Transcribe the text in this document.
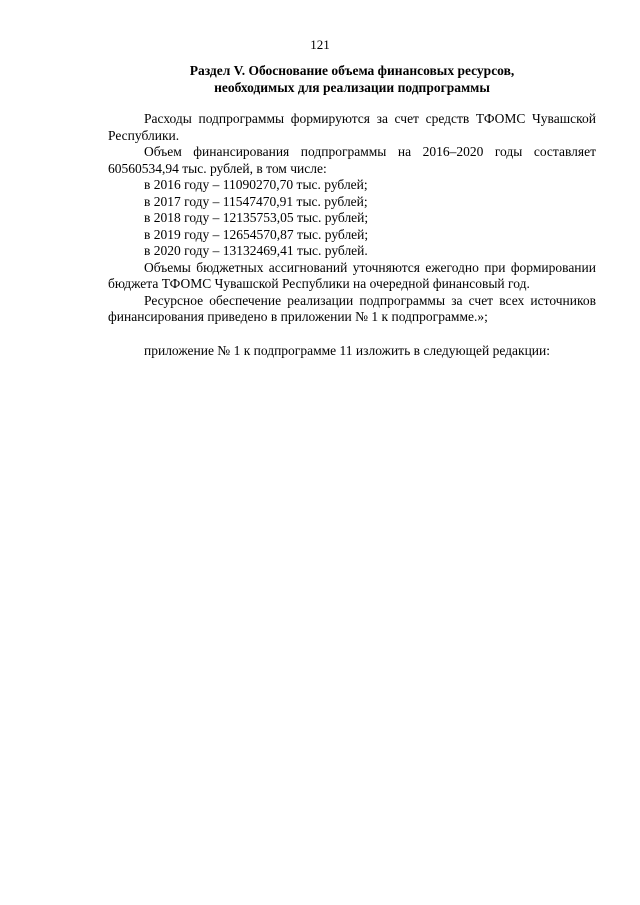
121
Раздел V. Обоснование объема финансовых ресурсов,
необходимых для реализации подпрограммы

Расходы подпрограммы формируются за счет средств ТФОМС Чувашской Республики.

Объем финансирования подпрограммы на 2016–2020 годы составляет 60560534,94 тыс. рублей, в том числе:

в 2016 году – 11090270,70 тыс. рублей;
в 2017 году – 11547470,91 тыс. рублей;
в 2018 году – 12135753,05 тыс. рублей;
в 2019 году – 12654570,87 тыс. рублей;
в 2020 году – 13132469,41 тыс. рублей.

Объемы бюджетных ассигнований уточняются ежегодно при формировании бюджета ТФОМС Чувашской Республики на очередной финансовый год.

Ресурсное обеспечение реализации подпрограммы за счет всех источников финансирования приведено в приложении № 1 к подпрограмме.»;

приложение № 1 к подпрограмме 11 изложить в следующей редакции:
